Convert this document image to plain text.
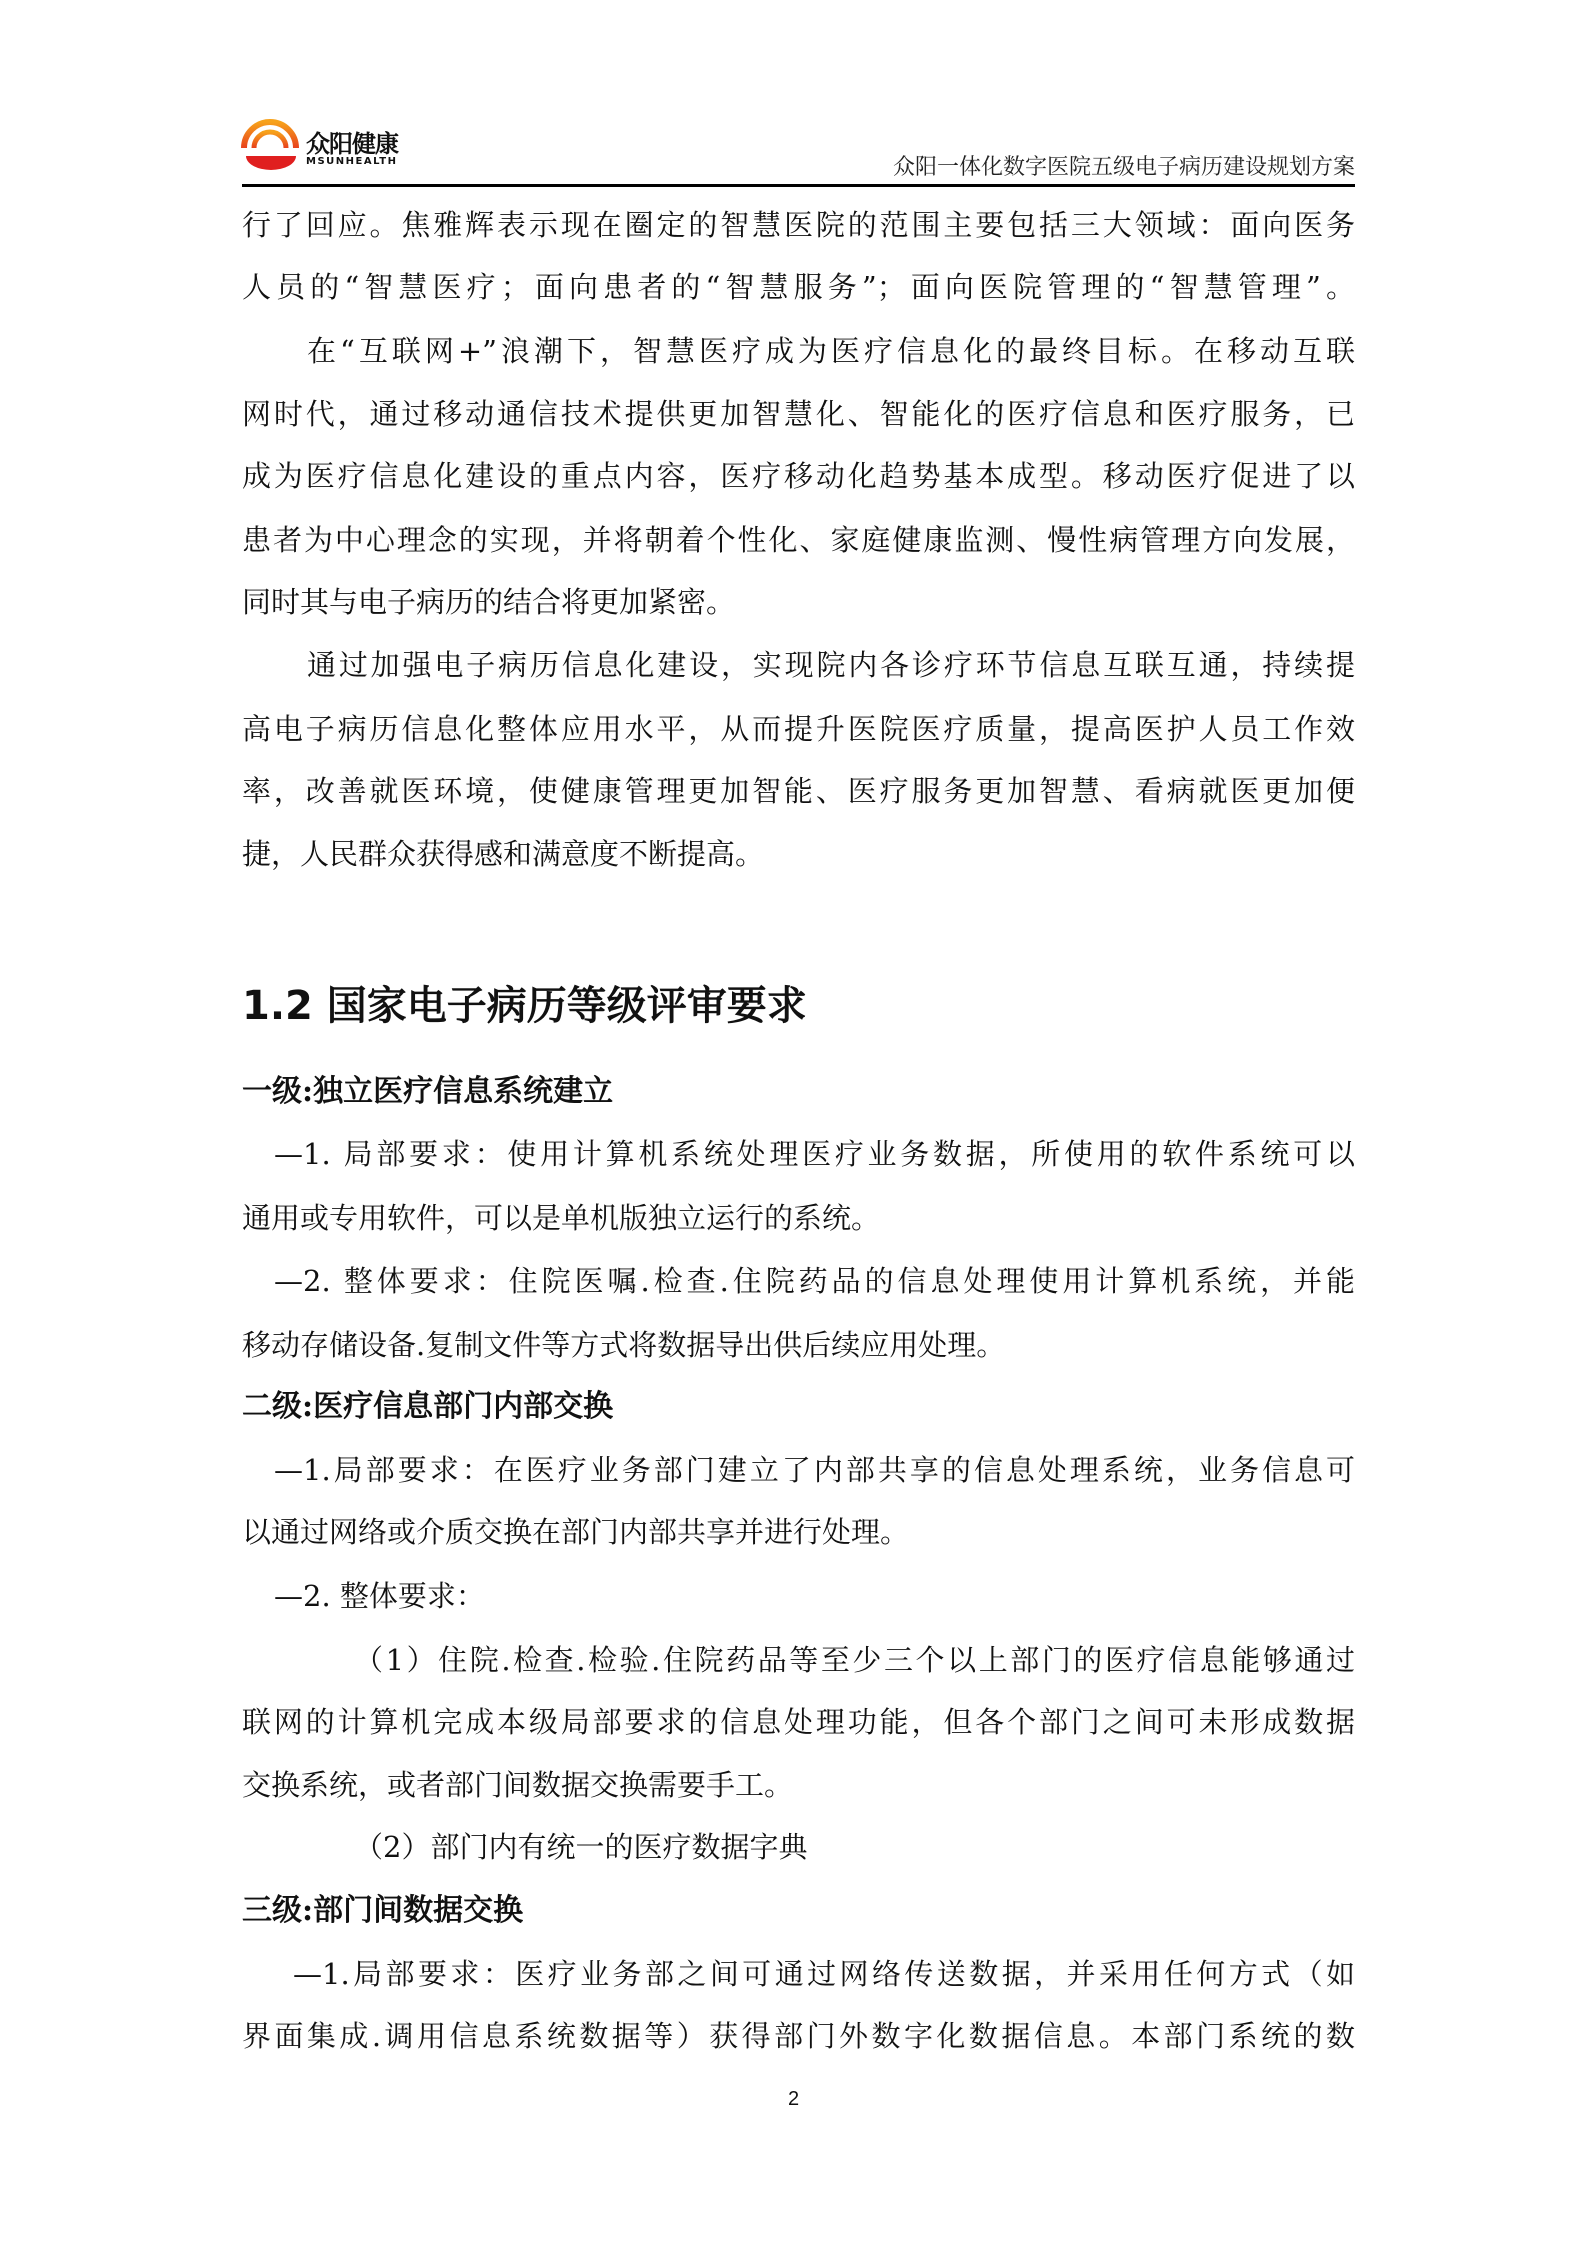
众阳健康
MSUNHEALTH	众阳一体化数字医院五级电子病历建设规划方案
行了回应。焦雅辉表示现在圈定的智慧医院的范围主要包括三大领域：面向医务
人员的“智慧医疗；面向患者的“智慧服务”；面向医院管理的“智慧管理”。
在“互联网+”浪潮下，智慧医疗成为医疗信息化的最终目标。在移动互联
网时代，通过移动通信技术提供更加智慧化、智能化的医疗信息和医疗服务，已
成为医疗信息化建设的重点内容，医疗移动化趋势基本成型。移动医疗促进了以
患者为中心理念的实现，并将朝着个性化、家庭健康监测、慢性病管理方向发展，
同时其与电子病历的结合将更加紧密。
通过加强电子病历信息化建设，实现院内各诊疗环节信息互联互通，持续提
高电子病历信息化整体应用水平，从而提升医院医疗质量，提高医护人员工作效
率，改善就医环境，使健康管理更加智能、医疗服务更加智慧、看病就医更加便
捷，人民群众获得感和满意度不断提高。
1.2 国家电子病历等级评审要求
一级:独立医疗信息系统建立
—1. 局部要求：使用计算机系统处理医疗业务数据，所使用的软件系统可以
通用或专用软件，可以是单机版独立运行的系统。
—2. 整体要求：住院医嘱.检查.住院药品的信息处理使用计算机系统，并能
移动存储设备.复制文件等方式将数据导出供后续应用处理。
二级:医疗信息部门内部交换
—1.局部要求：在医疗业务部门建立了内部共享的信息处理系统，业务信息可
以通过网络或介质交换在部门内部共享并进行处理。
—2. 整体要求：
（1）住院.检查.检验.住院药品等至少三个以上部门的医疗信息能够通过
联网的计算机完成本级局部要求的信息处理功能，但各个部门之间可未形成数据
交换系统，或者部门间数据交换需要手工。
（2）部门内有统一的医疗数据字典
三级:部门间数据交换
—1.局部要求：医疗业务部之间可通过网络传送数据，并采用任何方式（如
界面集成.调用信息系统数据等）获得部门外数字化数据信息。本部门系统的数
2
